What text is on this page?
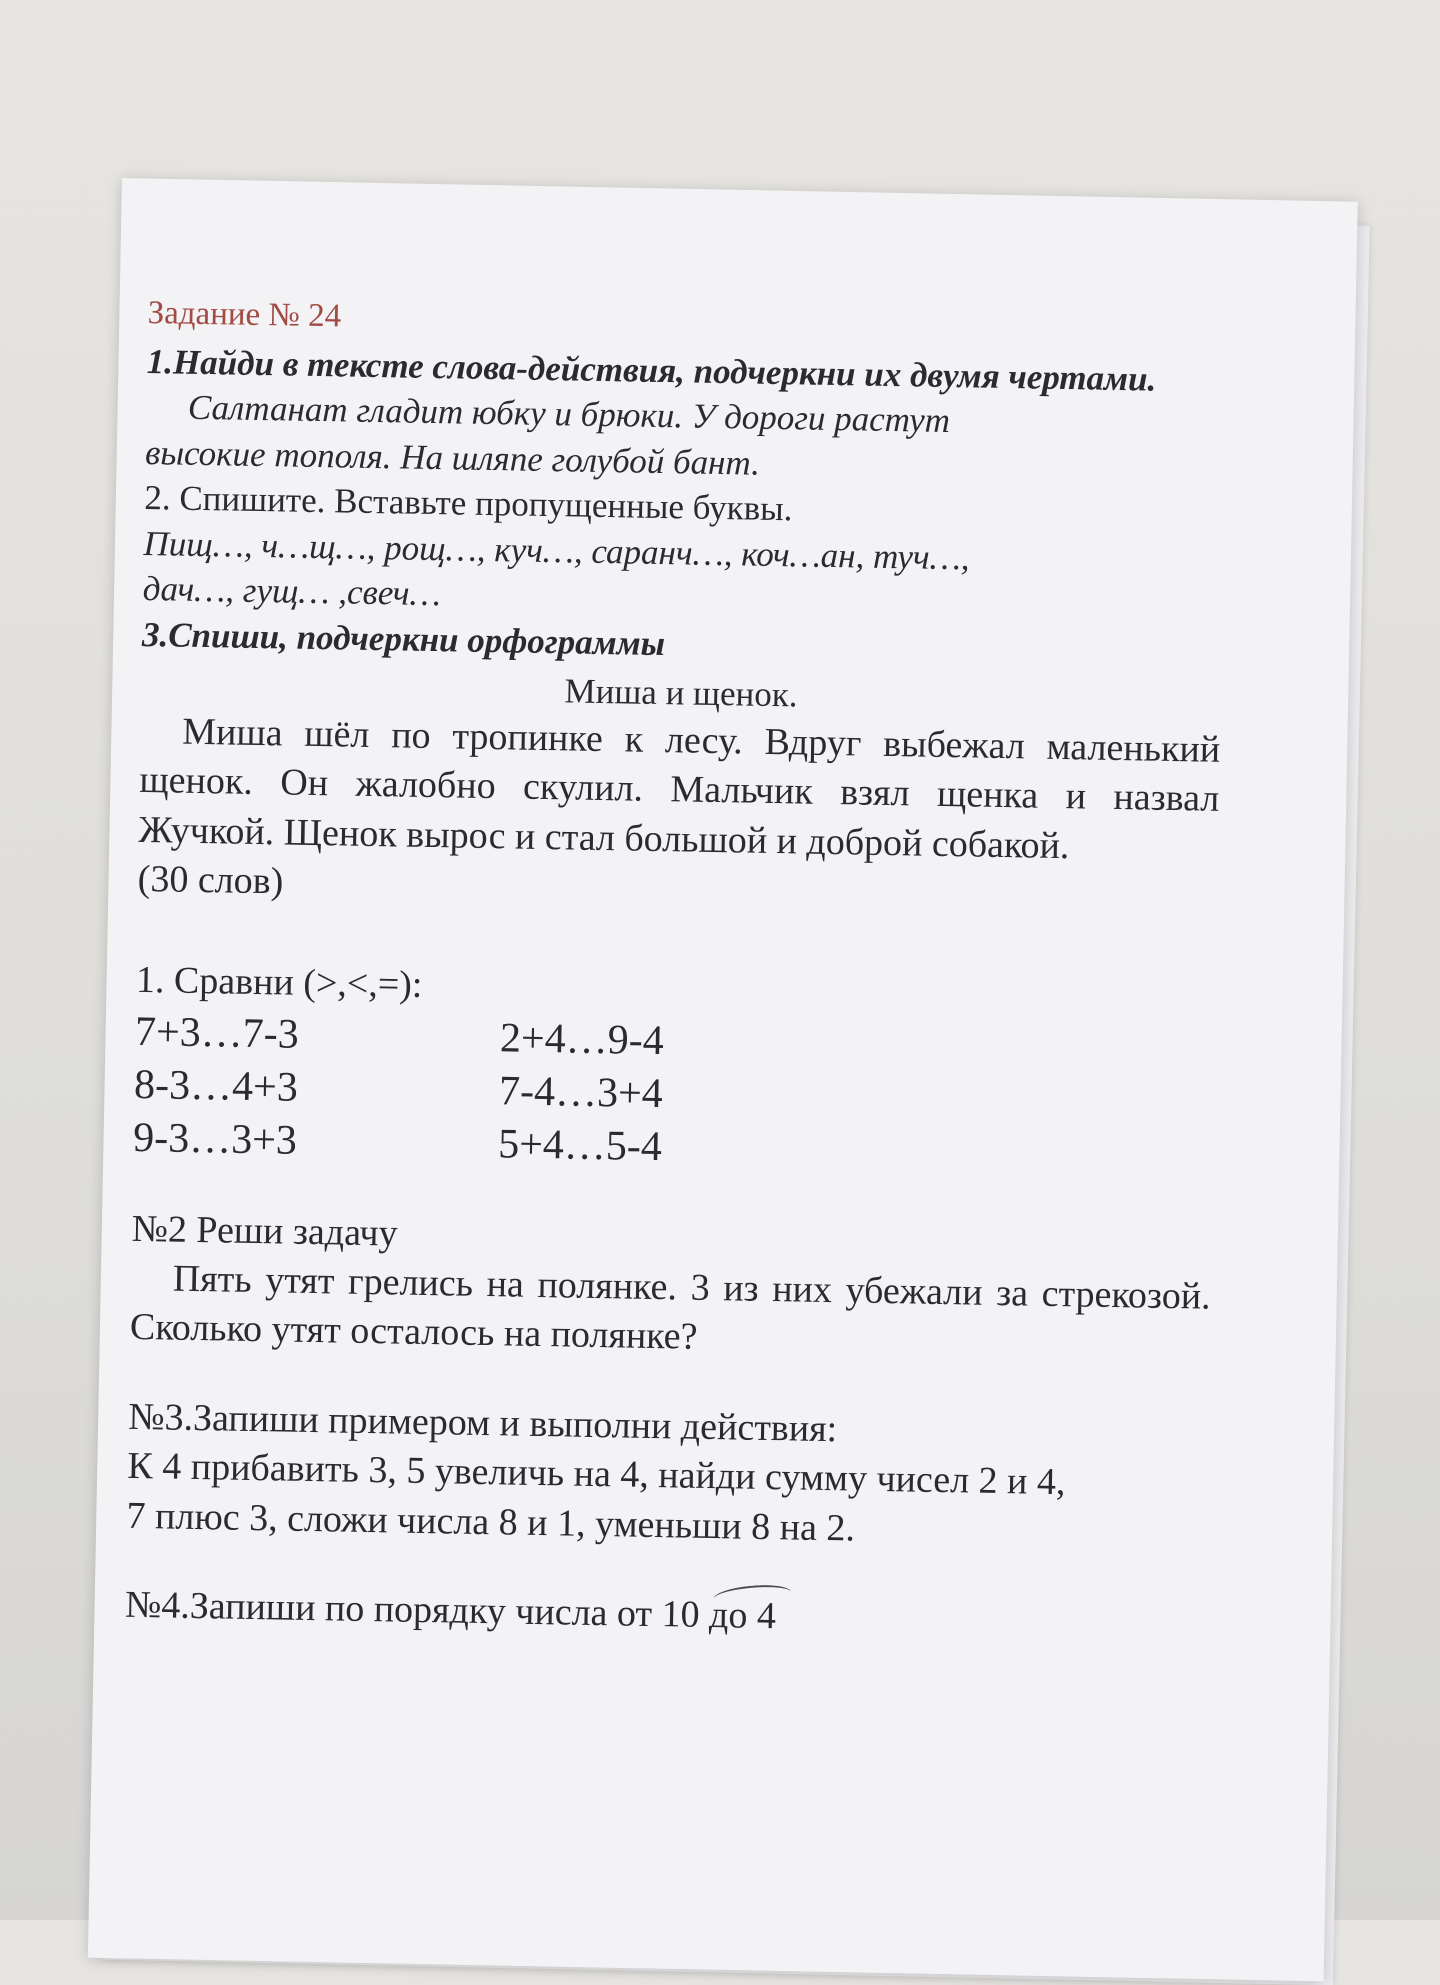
Задание № 24

1.Найди в тексте слова-действия, подчеркни их двумя чертами.

Салтанат гладит юбку и брюки. У дороги растут

высокие тополя. На шляпе голубой бант.

2. Спишите. Вставьте пропущенные буквы.

Пищ…, ч…щ…, рощ…, куч…, саранч…, коч…ан, туч…,

дач…, гущ… ,свеч…

3.Спиши, подчеркни орфограммы

Миша и щенок.

Миша шёл по тропинке к лесу. Вдруг выбежал маленький щенок. Он жалобно скулил. Мальчик взял щенка и назвал Жучкой. Щенок вырос и стал большой и доброй собакой.

(30 слов)

1. Сравни (>,<,=):

7+3…7-3	2+4…9-4
8-3…4+3	7-4…3+4
9-3…3+3	5+4…5-4

№2 Реши задачу

Пять утят грелись на полянке. 3 из них убежали за стрекозой. Сколько утят осталось на полянке?

№3.Запиши примером и выполни действия:

К 4 прибавить 3, 5 увеличь на 4, найди сумму чисел 2 и 4,

7 плюс 3, сложи числа 8 и 1, уменьши 8 на 2.

№4.Запиши по порядку числа от 10 до 4
